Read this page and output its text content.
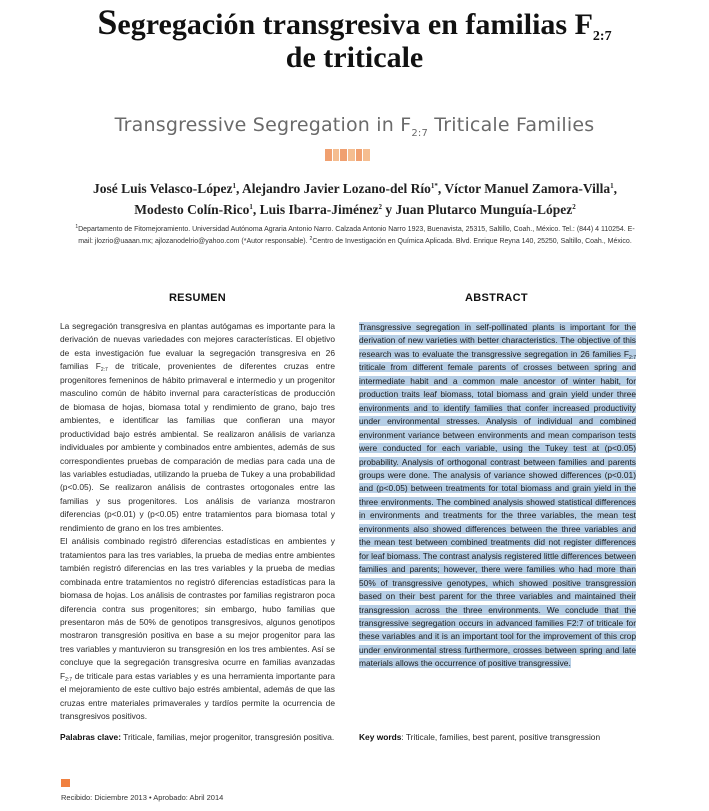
Segregación transgresiva en familias $F_{2:7}$
de triticale
Transgressive Segregation in $F_{2:7}$ Triticale Families
José Luis Velasco-López$^1$, Alejandro Javier Lozano-del Río$^{1*}$, Víctor Manuel Zamora-Villa$^1$,
Modesto Colín-Rico$^1$, Luis Ibarra-Jiménez$^2$ y Juan Plutarco Munguía-López$^2$
$^1$Departamento de Fitomejoramiento. Universidad Autónoma Agraria Antonio Narro. Calzada Antonio Narro 1923, Buenavista, 25315, Saltillo, Coah., México. Tel.: (844) 4 110254. E-mail: jlozrio@uaaan.mx; ajlozanodelrio@yahoo.com (*Autor responsable). $^2$Centro de Investigación en Química Aplicada. Blvd. Enrique Reyna 140, 25250, Saltillo, Coah., México.
RESUMEN	ABSTRACT
La segregación transgresiva en plantas autógamas es importante para la derivación de nuevas variedades con mejores características. El objetivo de esta investigación fue evaluar la segregación transgresiva en 26 familias $F_{2:7}$ de triticale, provenientes de diferentes cruzas entre progenitores femeninos de hábito primaveral e intermedio y un progenitor masculino común de hábito invernal para características de producción de biomasa de hojas, biomasa total y rendimiento de grano, bajo tres ambientes, e identificar las familias que confieran una mayor productividad bajo estrés ambiental. Se realizaron análisis de varianza individuales por ambiente y combinados entre ambientes, además de sus correspondientes pruebas de comparación de medias para cada una de las variables estudiadas, utilizando la prueba de Tukey a una probabilidad (p<0.05). Se realizaron análisis de contrastes ortogonales entre las familias y sus progenitores. Los análisis de varianza mostraron diferencias (p<0.01) y (p<0.05) entre tratamientos para biomasa total y rendimiento de grano en los tres ambientes.
El análisis combinado registró diferencias estadísticas en ambientes y tratamientos para las tres variables, la prueba de medias entre ambientes también registró diferencias en las tres variables y la prueba de medias combinada entre tratamientos no registró diferencias estadísticas para la biomasa de hojas. Los análisis de contrastes por familias registraron poca diferencia contra sus progenitores; sin embargo, hubo familias que presentaron más de 50% de genotipos transgresivos, algunos genotipos mostraron transgresión positiva en base a su mejor progenitor para las tres variables y mantuvieron su transgresión en los tres ambientes. Así se concluye que la segregación transgresiva ocurre en familias avanzadas $F_{2:7}$ de triticale para estas variables y es una herramienta importante para el mejoramiento de este cultivo bajo estrés ambiental, además de que las cruzas entre materiales primaverales y tardíos permite la ocurrencia de transgresivos positivos.
Transgressive segregation in self-pollinated plants is important for the derivation of new varieties with better characteristics. The objective of this research was to evaluate the transgressive segregation in 26 families $F_{2:7}$ triticale from different female parents of crosses between spring and intermediate habit and a common male ancestor of winter habit, for production traits leaf biomass, total biomass and grain yield under three environments and to identify families that confer increased productivity under environmental stresses. Analysis of individual and combined environment variance between environments and mean comparison tests were conducted for each variable, using the Tukey test at (p<0.05) probability. Analysis of orthogonal contrast between families and parents groups were done. The analysis of variance showed differences (p<0.01) and (p<0.05) between treatments for total biomass and grain yield in the three environments. The combined analysis showed statistical differences in environments and treatments for the three variables, the mean test environments also showed differences between the three variables and the mean test between combined treatments did not register differences for leaf biomass. The contrast analysis registered little differences between families and parents; however, there were families who had more than 50% of transgressive genotypes, which showed positive transgression based on their best parent for the three variables and maintained their transgression across the three environments. We conclude that the transgressive segregation occurs in advanced families F2:7 of triticale for these variables and it is an important tool for the improvement of this crop under environmental stress furthermore, crosses between spring and late materials allows the occurrence of positive transgressive.
Palabras clave: Triticale, familias, mejor progenitor, transgresión positiva.	Key words: Triticale, families, best parent, positive transgression
Recibido: Diciembre 2013 • Aprobado: Abril 2014
